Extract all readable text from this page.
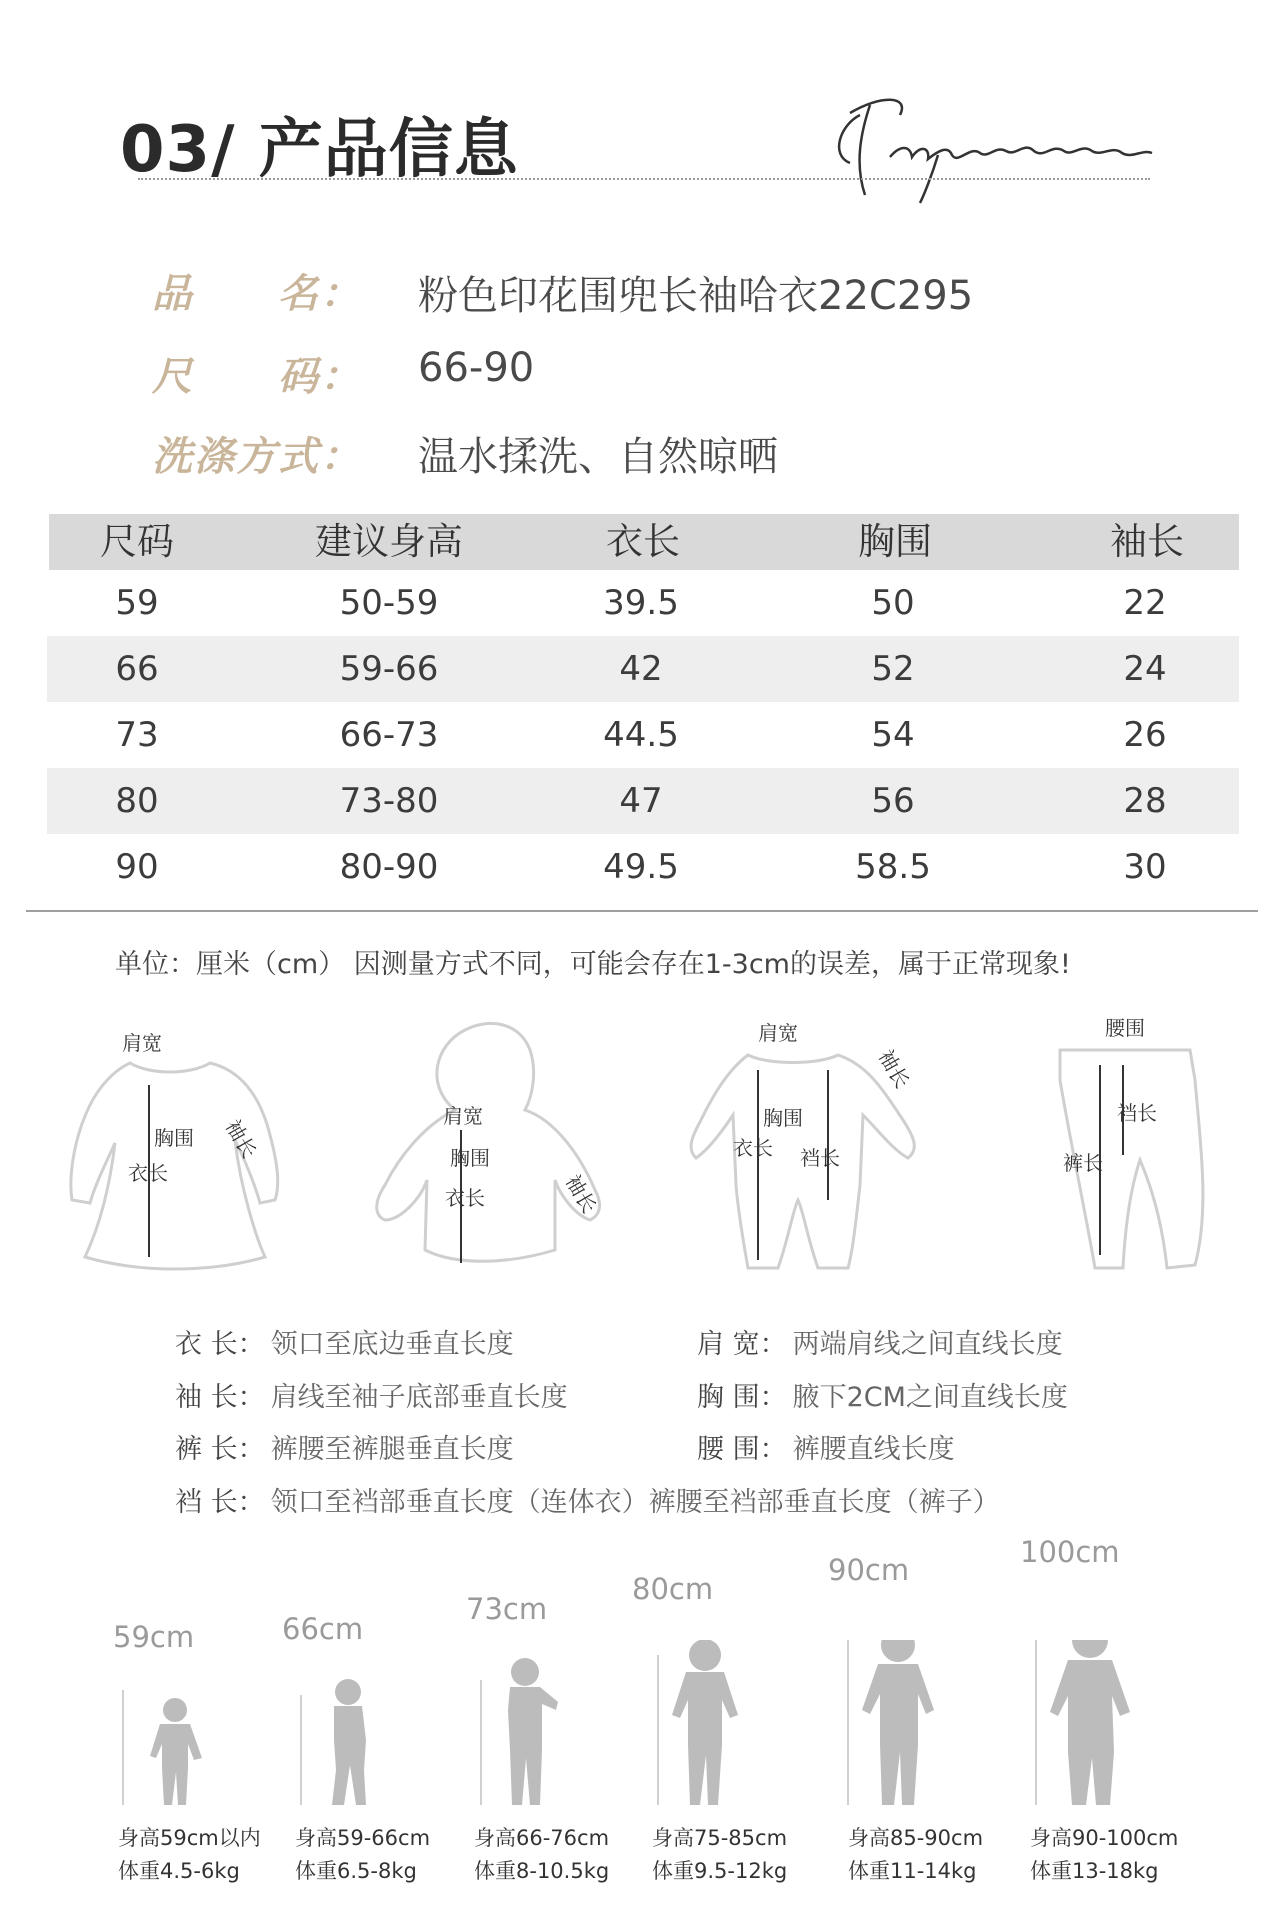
03/ 产品信息
品　　名： 粉色印花围兜长袖哈衣22C295
尺　　码： 66-90
洗涤方式： 温水揉洗、自然晾晒
尺码	建议身高	衣长	胸围	袖长
59	50-59	39.5	50	22
66	59-66	42	52	24
73	66-73	44.5	54	26
80	73-80	47	56	28
90	80-90	49.5	58.5	30
单位：厘米（cm） 因测量方式不同，可能会存在1-3cm的误差，属于正常现象!
肩宽
胸围
衣长
袖长	肩宽
胸围
衣长	袖长
肩宽
胸围
衣长 裆长
袖长
腰围
裆长
裤长
衣 长： 领口至底边垂直长度	肩 宽： 两端肩线之间直线长度
袖 长： 肩线至袖子底部垂直长度	胸 围： 腋下2CM之间直线长度
裤 长： 裤腰至裤腿垂直长度	腰 围： 裤腰直线长度
裆 长： 领口至裆部垂直长度（连体衣）裤腰至裆部垂直长度（裤子）
59cm	66cm
73cm
80cm
90cm
100cm
身高59cm以内
体重4.5-6kg
身高59-66cm
体重6.5-8kg
身高66-76cm
体重8-10.5kg
身高75-85cm
体重9.5-12kg
身高85-90cm
体重11-14kg
身高90-100cm
体重13-18kg
